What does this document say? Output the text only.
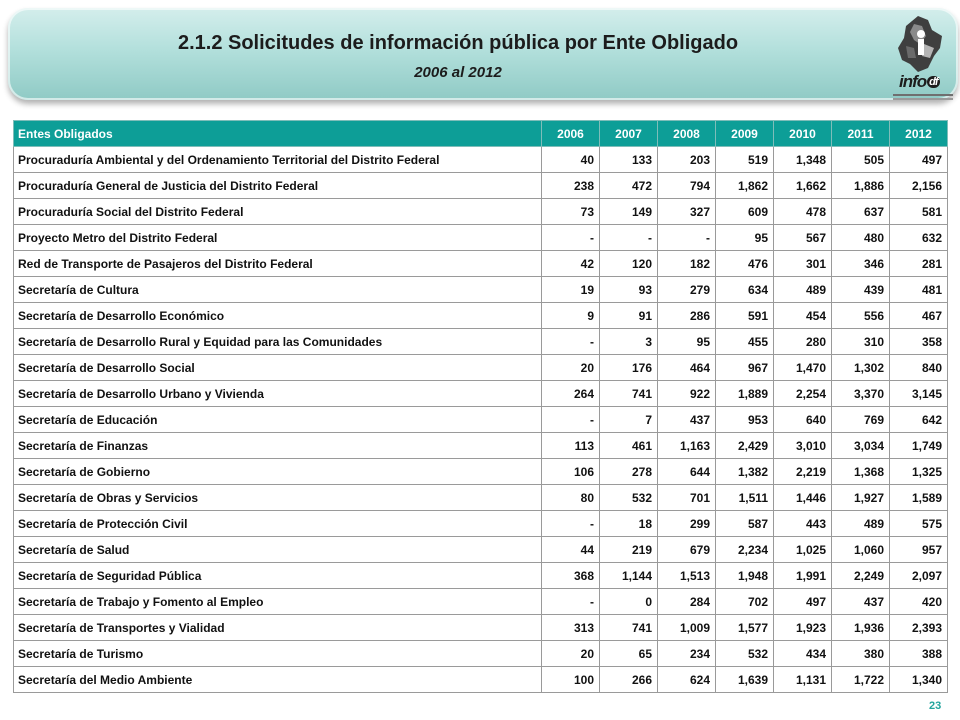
2.1.2 Solicitudes de información pública por Ente Obligado
2006 al 2012	info df
Entes Obligados	2006	2007	2008	2009	2010	2011	2012
Procuraduría Ambiental y del Ordenamiento Territorial del Distrito Federal	40	133	203	519	1,348	505	497
Procuraduría General de Justicia del Distrito Federal	238	472	794	1,862	1,662	1,886	2,156
Procuraduría Social del Distrito Federal	73	149	327	609	478	637	581
Proyecto Metro del Distrito Federal	-	-	-	95	567	480	632
Red de Transporte de Pasajeros del Distrito Federal	42	120	182	476	301	346	281
Secretaría de Cultura	19	93	279	634	489	439	481
Secretaría de Desarrollo Económico	9	91	286	591	454	556	467
Secretaría de Desarrollo Rural y Equidad para las Comunidades	-	3	95	455	280	310	358
Secretaría de Desarrollo Social	20	176	464	967	1,470	1,302	840
Secretaría de Desarrollo Urbano y Vivienda	264	741	922	1,889	2,254	3,370	3,145
Secretaría de Educación	-	7	437	953	640	769	642
Secretaría de Finanzas	113	461	1,163	2,429	3,010	3,034	1,749
Secretaría de Gobierno	106	278	644	1,382	2,219	1,368	1,325
Secretaría de Obras y Servicios	80	532	701	1,511	1,446	1,927	1,589
Secretaría de Protección Civil	-	18	299	587	443	489	575
Secretaría de Salud	44	219	679	2,234	1,025	1,060	957
Secretaría de Seguridad Pública	368	1,144	1,513	1,948	1,991	2,249	2,097
Secretaría de Trabajo y Fomento al Empleo	-	0	284	702	497	437	420
Secretaría de Transportes y Vialidad	313	741	1,009	1,577	1,923	1,936	2,393
Secretaría de Turismo	20	65	234	532	434	380	388
Secretaría del Medio Ambiente	100	266	624	1,639	1,131	1,722	1,340
23
